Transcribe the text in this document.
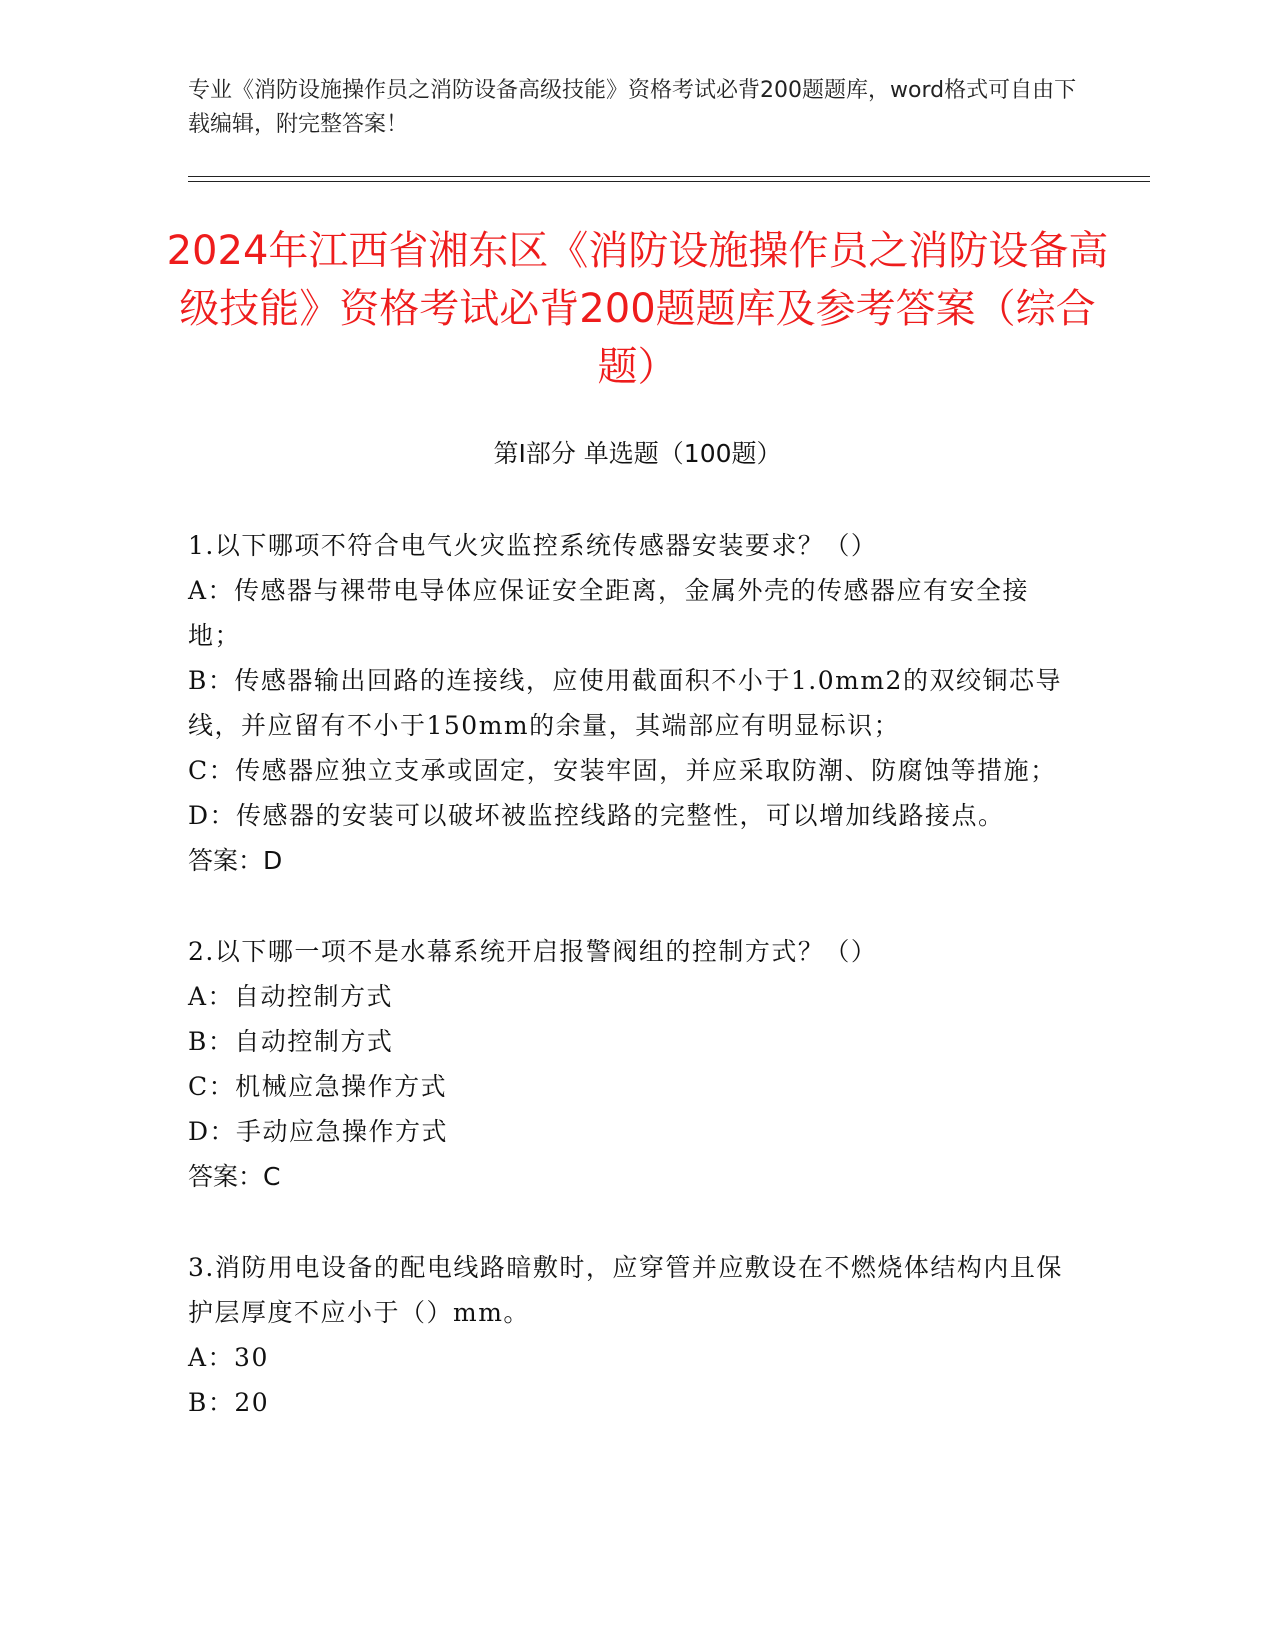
专业《消防设施操作员之消防设备高级技能》资格考试必背200题题库，word格式可自由下载编辑，附完整答案！
2024年江西省湘东区《消防设施操作员之消防设备高级技能》资格考试必背200题题库及参考答案（综合题）
第I部分 单选题（100题）
1.以下哪项不符合电气火灾监控系统传感器安装要求？（）
A：传感器与裸带电导体应保证安全距离，金属外壳的传感器应有安全接地；
B：传感器输出回路的连接线，应使用截面积不小于1.0mm2的双绞铜芯导线，并应留有不小于150mm的余量，其端部应有明显标识；
C：传感器应独立支承或固定，安装牢固，并应采取防潮、防腐蚀等措施；
D：传感器的安装可以破坏被监控线路的完整性，可以增加线路接点。
答案：D
2.以下哪一项不是水幕系统开启报警阀组的控制方式？（）
A：自动控制方式
B：自动控制方式
C：机械应急操作方式
D：手动应急操作方式
答案：C
3.消防用电设备的配电线路暗敷时，应穿管并应敷设在不燃烧体结构内且保护层厚度不应小于（）mm。
A：30
B：20
